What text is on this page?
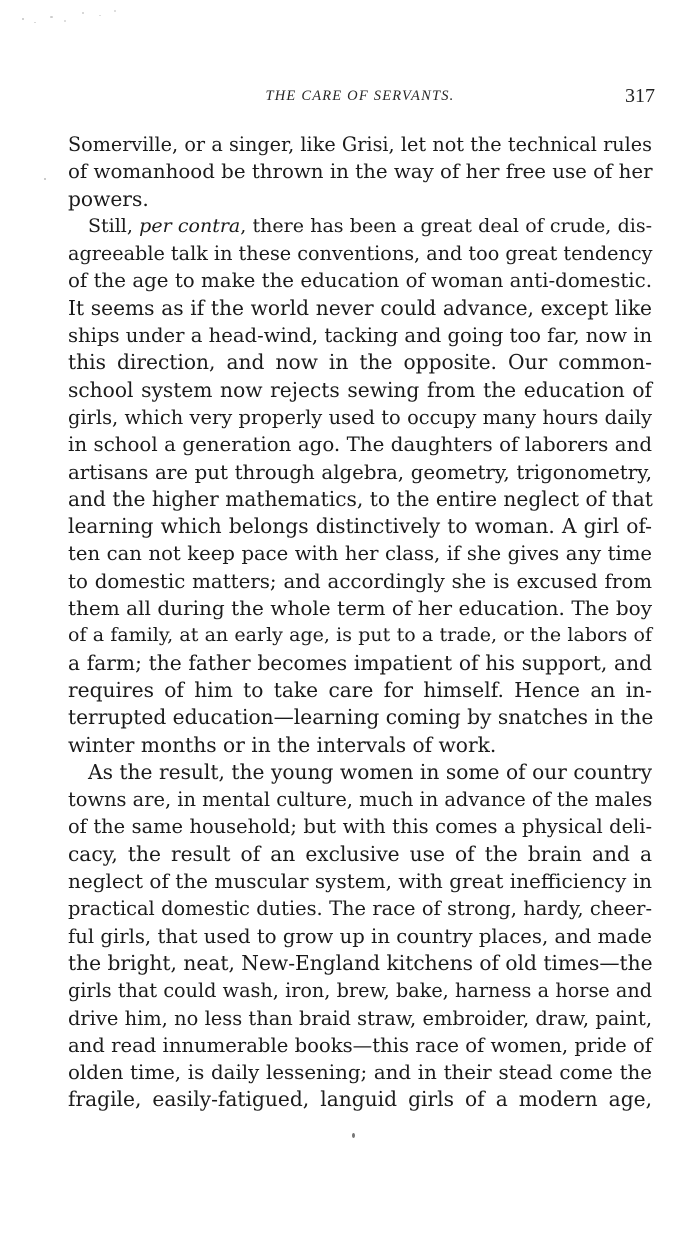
THE CARE OF SERVANTS.	317
Somerville, or a singer, like Grisi, let not the technical rules
of womanhood be thrown in the way of her free use of her
powers.
Still, per contra, there has been a great deal of crude, dis-
agreeable talk in these conventions, and too great tendency
of the age to make the education of woman anti-domestic.
It seems as if the world never could advance, except like
ships under a head-wind, tacking and going too far, now in
this direction, and now in the opposite. Our common-
school system now rejects sewing from the education of
girls, which very properly used to occupy many hours daily
in school a generation ago. The daughters of laborers and
artisans are put through algebra, geometry, trigonometry,
and the higher mathematics, to the entire neglect of that
learning which belongs distinctively to woman. A girl of-
ten can not keep pace with her class, if she gives any time
to domestic matters; and accordingly she is excused from
them all during the whole term of her education. The boy
of a family, at an early age, is put to a trade, or the labors of
a farm; the father becomes impatient of his support, and
requires of him to take care for himself. Hence an in-
terrupted education—learning coming by snatches in the
winter months or in the intervals of work.
As the result, the young women in some of our country
towns are, in mental culture, much in advance of the males
of the same household; but with this comes a physical deli-
cacy, the result of an exclusive use of the brain and a
neglect of the muscular system, with great inefficiency in
practical domestic duties. The race of strong, hardy, cheer-
ful girls, that used to grow up in country places, and made
the bright, neat, New-England kitchens of old times—the
girls that could wash, iron, brew, bake, harness a horse and
drive him, no less than braid straw, embroider, draw, paint,
and read innumerable books—this race of women, pride of
olden time, is daily lessening; and in their stead come the
fragile, easily-fatigued, languid girls of a modern age,
